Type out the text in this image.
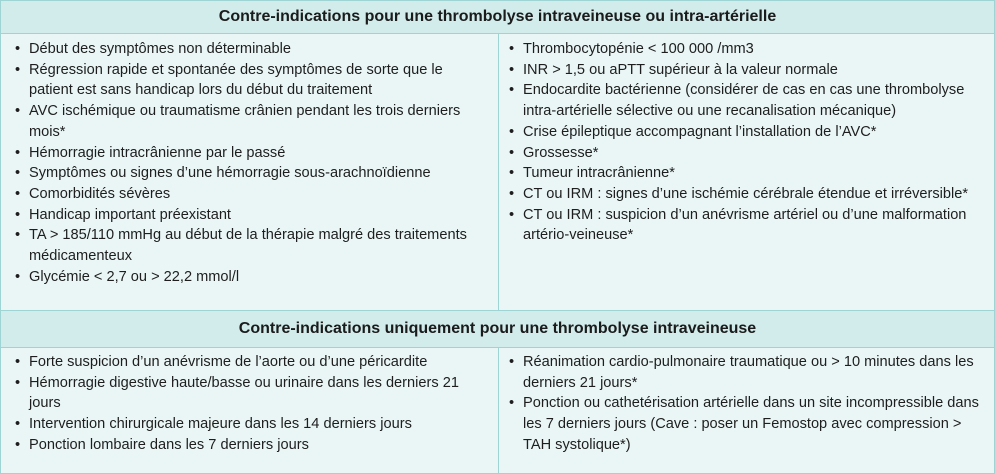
Contre-indications pour une thrombolyse intraveineuse ou intra-artérielle
• Début des symptômes non déterminable
• Régression rapide et spontanée des symptômes de sorte que le patient est sans handicap lors du début du traitement
• AVC ischémique ou traumatisme crânien pendant les trois derniers mois*
• Hémorragie intracrânienne par le passé
• Symptômes ou signes d’une hémorragie sous-arachnoïdienne
• Comorbidités sévères
• Handicap important préexistant
• TA > 185/110 mmHg au début de la thérapie malgré des traitements médicamenteux
• Glycémie < 2,7 ou > 22,2 mmol/l
• Thrombocytopénie < 100 000 /mm3
• INR > 1,5 ou aPTT supérieur à la valeur normale
• Endocardite bactérienne (considérer de cas en cas une thrombolyse intra-artérielle sélective ou une recanalisation mécanique)
• Crise épileptique accompagnant l’installation de l’AVC*
• Grossesse*
• Tumeur intracrânienne*
• CT ou IRM : signes d’une ischémie cérébrale étendue et irréversible*
• CT ou IRM : suspicion d’un anévrisme artériel ou d’une malformation artério-veineuse*
Contre-indications uniquement pour une thrombolyse intraveineuse
• Forte suspicion d’un anévrisme de l’aorte ou d’une péricardite
• Hémorragie digestive haute/basse ou urinaire dans les derniers 21 jours
• Intervention chirurgicale majeure dans les 14 derniers jours
• Ponction lombaire dans les 7 derniers jours
• Réanimation cardio-pulmonaire traumatique ou > 10 minutes dans les derniers 21 jours*
• Ponction ou cathetérisation artérielle dans un site incompressible dans les 7 derniers jours (Cave : poser un Femostop avec compression > TAH systolique*)
